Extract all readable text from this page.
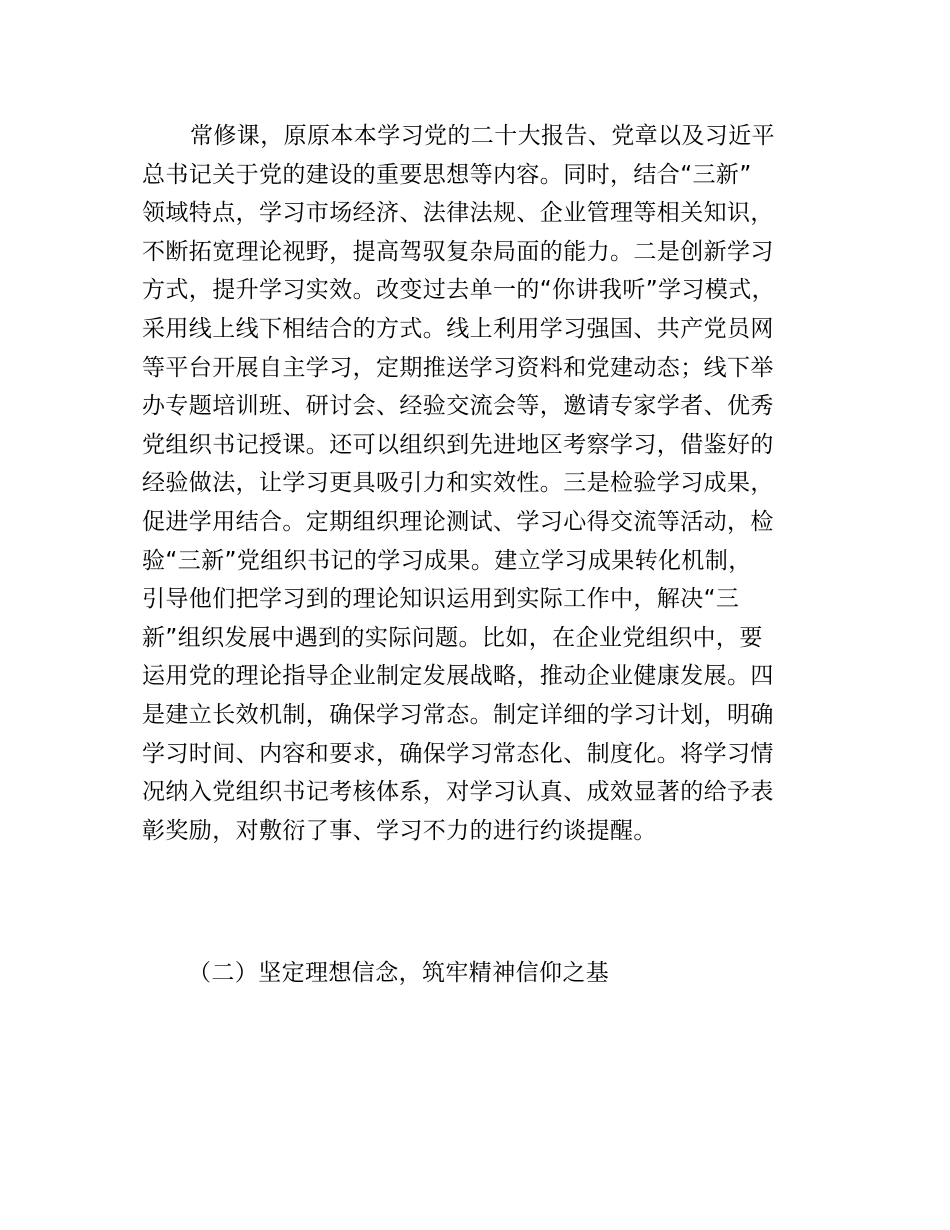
常修课，原原本本学习党的二十大报告、党章以及习近平
总书记关于党的建设的重要思想等内容。同时，结合“三新”
领域特点，学习市场经济、法律法规、企业管理等相关知识，
不断拓宽理论视野，提高驾驭复杂局面的能力。二是创新学习
方式，提升学习实效。改变过去单一的“你讲我听”学习模式，
采用线上线下相结合的方式。线上利用学习强国、共产党员网
等平台开展自主学习，定期推送学习资料和党建动态；线下举
办专题培训班、研讨会、经验交流会等，邀请专家学者、优秀
党组织书记授课。还可以组织到先进地区考察学习，借鉴好的
经验做法，让学习更具吸引力和实效性。三是检验学习成果，
促进学用结合。定期组织理论测试、学习心得交流等活动，检
验“三新”党组织书记的学习成果。建立学习成果转化机制，
引导他们把学习到的理论知识运用到实际工作中，解决“三
新”组织发展中遇到的实际问题。比如，在企业党组织中，要
运用党的理论指导企业制定发展战略，推动企业健康发展。四
是建立长效机制，确保学习常态。制定详细的学习计划，明确
学习时间、内容和要求，确保学习常态化、制度化。将学习情
况纳入党组织书记考核体系，对学习认真、成效显著的给予表
彰奖励，对敷衍了事、学习不力的进行约谈提醒。
（二）坚定理想信念，筑牢精神信仰之基
